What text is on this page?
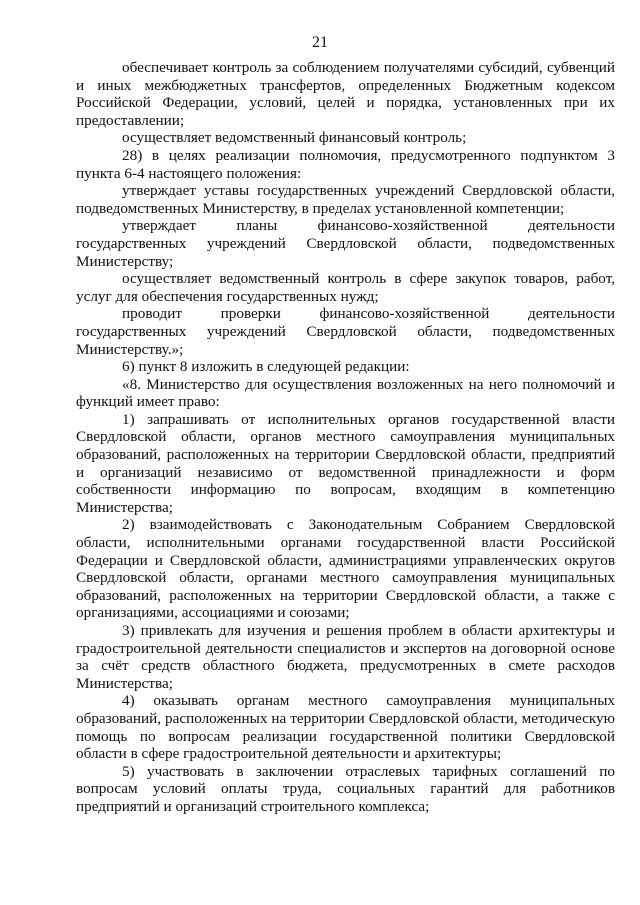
21

обеспечивает контроль за соблюдением получателями субсидий, субвенций и иных межбюджетных трансфертов, определенных Бюджетным кодексом Российской Федерации, условий, целей и порядка, установленных при их предоставлении;

осуществляет ведомственный финансовый контроль;

28) в целях реализации полномочия, предусмотренного подпунктом 3 пункта 6-4 настоящего положения:

утверждает уставы государственных учреждений Свердловской области, подведомственных Министерству, в пределах установленной компетенции;

утверждает планы финансово-хозяйственной деятельности государственных учреждений Свердловской области, подведомственных Министерству;

осуществляет ведомственный контроль в сфере закупок товаров, работ, услуг для обеспечения государственных нужд;

проводит проверки финансово-хозяйственной деятельности государственных учреждений Свердловской области, подведомственных Министерству.»;

6) пункт 8 изложить в следующей редакции:

«8. Министерство для осуществления возложенных на него полномочий и функций имеет право:

1) запрашивать от исполнительных органов государственной власти Свердловской области, органов местного самоуправления муниципальных образований, расположенных на территории Свердловской области, предприятий и организаций независимо от ведомственной принадлежности и форм собственности информацию по вопросам, входящим в компетенцию Министерства;

2) взаимодействовать с Законодательным Собранием Свердловской области, исполнительными органами государственной власти Российской Федерации и Свердловской области, администрациями управленческих округов Свердловской области, органами местного самоуправления муниципальных образований, расположенных на территории Свердловской области, а также с организациями, ассоциациями и союзами;

3) привлекать для изучения и решения проблем в области архитектуры и градостроительной деятельности специалистов и экспертов на договорной основе за счёт средств областного бюджета, предусмотренных в смете расходов Министерства;

4) оказывать органам местного самоуправления муниципальных образований, расположенных на территории Свердловской области, методическую помощь по вопросам реализации государственной политики Свердловской области в сфере градостроительной деятельности и архитектуры;

5) участвовать в заключении отраслевых тарифных соглашений по вопросам условий оплаты труда, социальных гарантий для работников предприятий и организаций строительного комплекса;
